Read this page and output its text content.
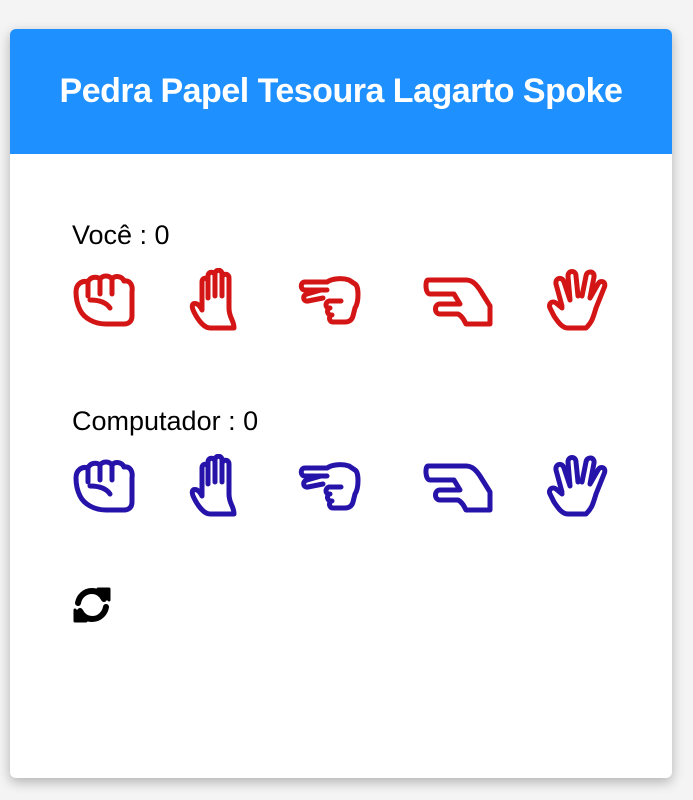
Pedra Papel Tesoura Lagarto Spoke
Você : 0
Computador : 0
